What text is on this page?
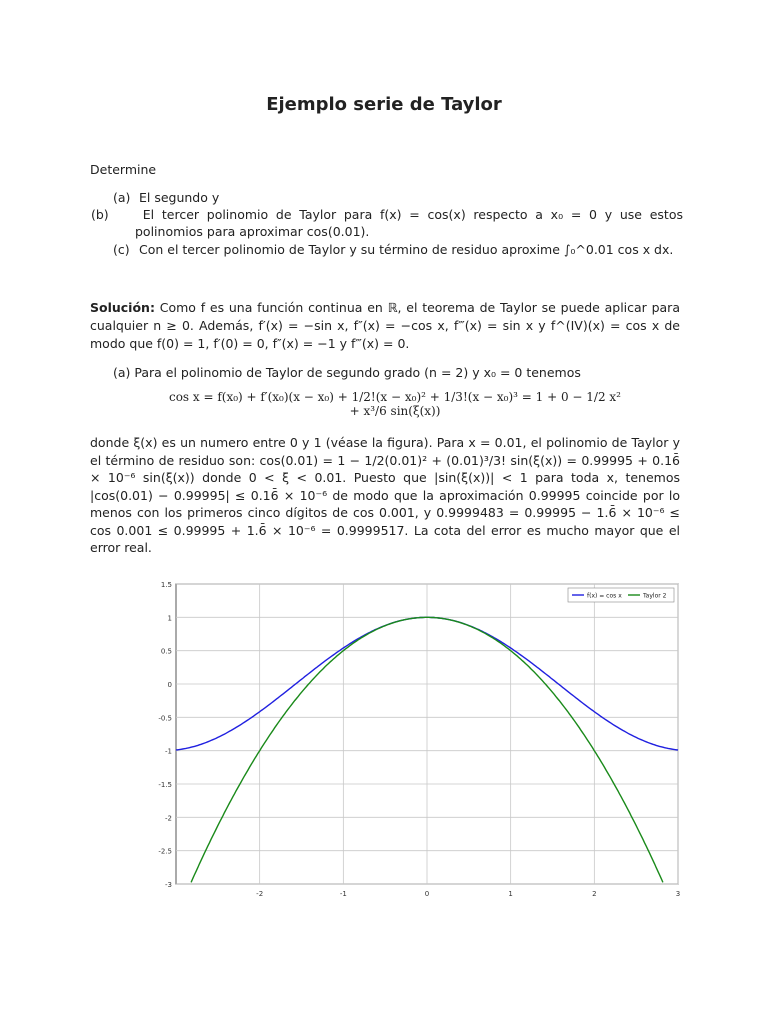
Ejemplo serie de Taylor
Determine
(a) El segundo y
(b)	El tercer polinomio de Taylor para f(x) = cos(x) respecto a x₀ = 0 y use estos polinomios para aproximar cos(0.01).
(c) Con el tercer polinomio de Taylor y su término de residuo aproxime ∫₀^0.01 cos x dx.
Solución: Como f es una función continua en ℝ, el teorema de Taylor se puede aplicar para cualquier n ≥ 0. Además, f′(x) = −sin x, f″(x) = −cos x, f‴(x) = sin x y f^(IV)(x) = cos x de modo que f(0) = 1, f′(0) = 0, f″(x) = −1 y f‴(x) = 0.
(a) Para el polinomio de Taylor de segundo grado (n = 2) y x₀ = 0 tenemos
cos x = f(x₀) + f′(x₀)(x − x₀) + 1/2!(x − x₀)² + 1/3!(x − x₀)³ = 1 + 0 − 1/2 x² + x³/6 sin(ξ(x))
donde ξ(x) es un numero entre 0 y 1 (véase la figura). Para x = 0.01, el polinomio de Taylor y el término de residuo son: cos(0.01) = 1 − 1/2(0.01)² + (0.01)³/3! sin(ξ(x)) = 0.99995 + 0.16̄ × 10⁻⁶ sin(ξ(x)) donde 0 < ξ < 0.01. Puesto que |sin(ξ(x))| < 1 para toda x, tenemos |cos(0.01) − 0.99995| ≤ 0.16̄ × 10⁻⁶ de modo que la aproximación 0.99995 coincide por lo menos con los primeros cinco dígitos de cos 0.001, y 0.9999483 = 0.99995 − 1.6̄ × 10⁻⁶ ≤ cos 0.001 ≤ 0.99995 + 1.6̄ × 10⁻⁶ = 0.9999517. La cota del error es mucho mayor que el error real.
1.5
1
0.5
0
-0.5
-1
-1.5
-2
-2.5
-3
-2	-1	0	1	2	3
f(x) = cos x	Taylor 2
